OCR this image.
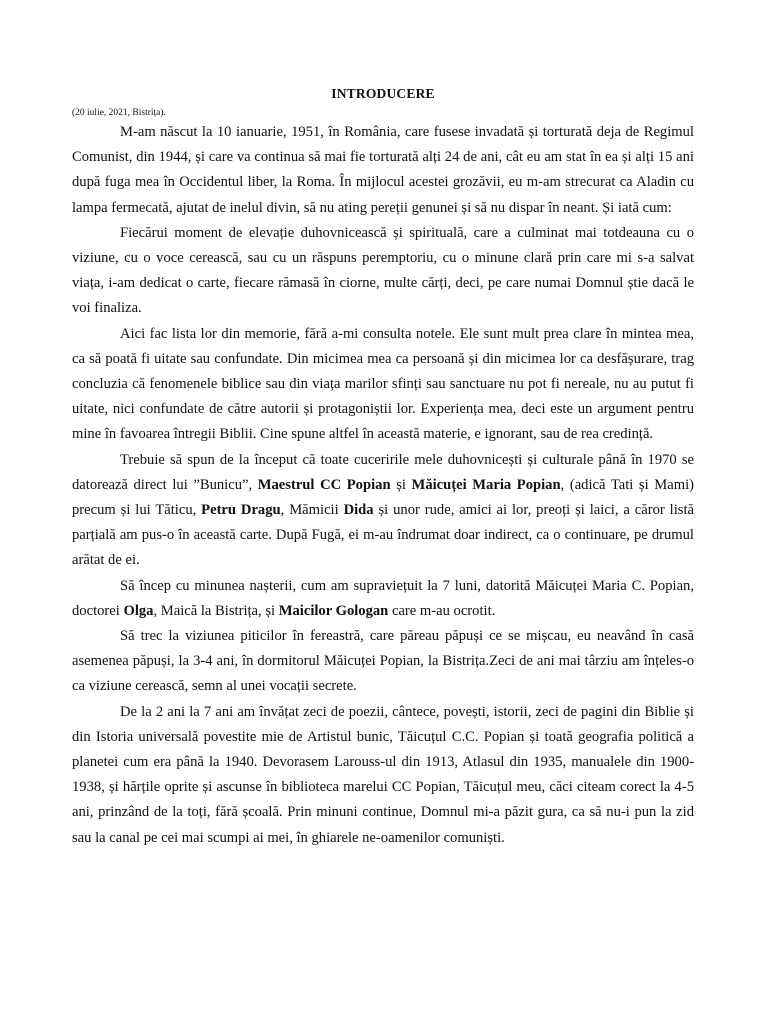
INTRODUCERE
(20 iulie, 2021, Bistrița).

M-am născut la 10 ianuarie, 1951, în România, care fusese invadată și torturată deja de Regimul Comunist, din 1944, și care va continua să mai fie torturată alți 24 de ani, cât eu am stat în ea și alți 15 ani după fuga mea în Occidentul liber, la Roma. În mijlocul acestei grozăvii, eu m-am strecurat ca Aladin cu lampa fermecată, ajutat de inelul divin, să nu ating pereții genunei și să nu dispar în neant. Și iată cum:

Fiecărui moment de elevație duhovnicească și spirituală, care a culminat mai totdeauna cu o viziune, cu o voce cerească, sau cu un răspuns peremptoriu, cu o minune clară prin care mi s-a salvat viața, i-am dedicat o carte, fiecare rămasă în ciorne, multe cărți, deci, pe care numai Domnul știe dacă le voi finaliza.

Aici fac lista lor din memorie, fără a-mi consulta notele. Ele sunt mult prea clare în mintea mea, ca să poată fi uitate sau confundate. Din micimea mea ca persoană și din micimea lor ca desfășurare, trag concluzia că fenomenele biblice sau din viața marilor sfinți sau sanctuare nu pot fi nereale, nu au putut fi uitate, nici confundate de către autorii și protagoniștii lor. Experiența mea, deci este un argument pentru mine în favoarea întregii Biblii. Cine spune altfel în această materie, e ignorant, sau de rea credință.

Trebuie să spun de la început că toate cuceririle mele duhovnicești și culturale până în 1970 se datorează direct lui ”Bunicu”, Maestrul CC Popian și Măicuței Maria Popian, (adică Tati și Mami) precum și lui Tăticu, Petru Dragu, Mămicii Dida și unor rude, amici ai lor, preoți și laici, a căror listă parțială am pus-o în această carte. După Fugă, ei m-au îndrumat doar indirect, ca o continuare, pe drumul arătat de ei.

Să încep cu minunea nașterii, cum am supraviețuit la 7 luni, datorită Măicuței Maria C. Popian, doctorei Olga, Maică la Bistrița, și Maicilor Gologan care m-au ocrotit.

Să trec la viziunea piticilor în fereastră, care păreau păpuși ce se mișcau, eu neavând în casă asemenea păpuși, la 3-4 ani, în dormitorul Măicuței Popian, la Bistrița.Zeci de ani mai târziu am înțeles-o ca viziune cerească, semn al unei vocații secrete.

De la 2 ani la 7 ani am învățat zeci de poezii, cântece, povești, istorii, zeci de pagini din Biblie și din Istoria universală povestite mie de Artistul bunic, Tăicuțul C.C. Popian și toată geografia politică a planetei cum era până la 1940. Devorasem Larouss-ul din 1913, Atlasul din 1935, manualele din 1900-1938, și hărțile oprite și ascunse în biblioteca marelui CC Popian, Tăicuțul meu, căci citeam corect la 4-5 ani, prinzând de la toți, fără școală. Prin minuni continue, Domnul mi-a păzit gura, ca să nu-i pun la zid sau la canal pe cei mai scumpi ai mei, în ghiarele ne-oamenilor comuniști.
